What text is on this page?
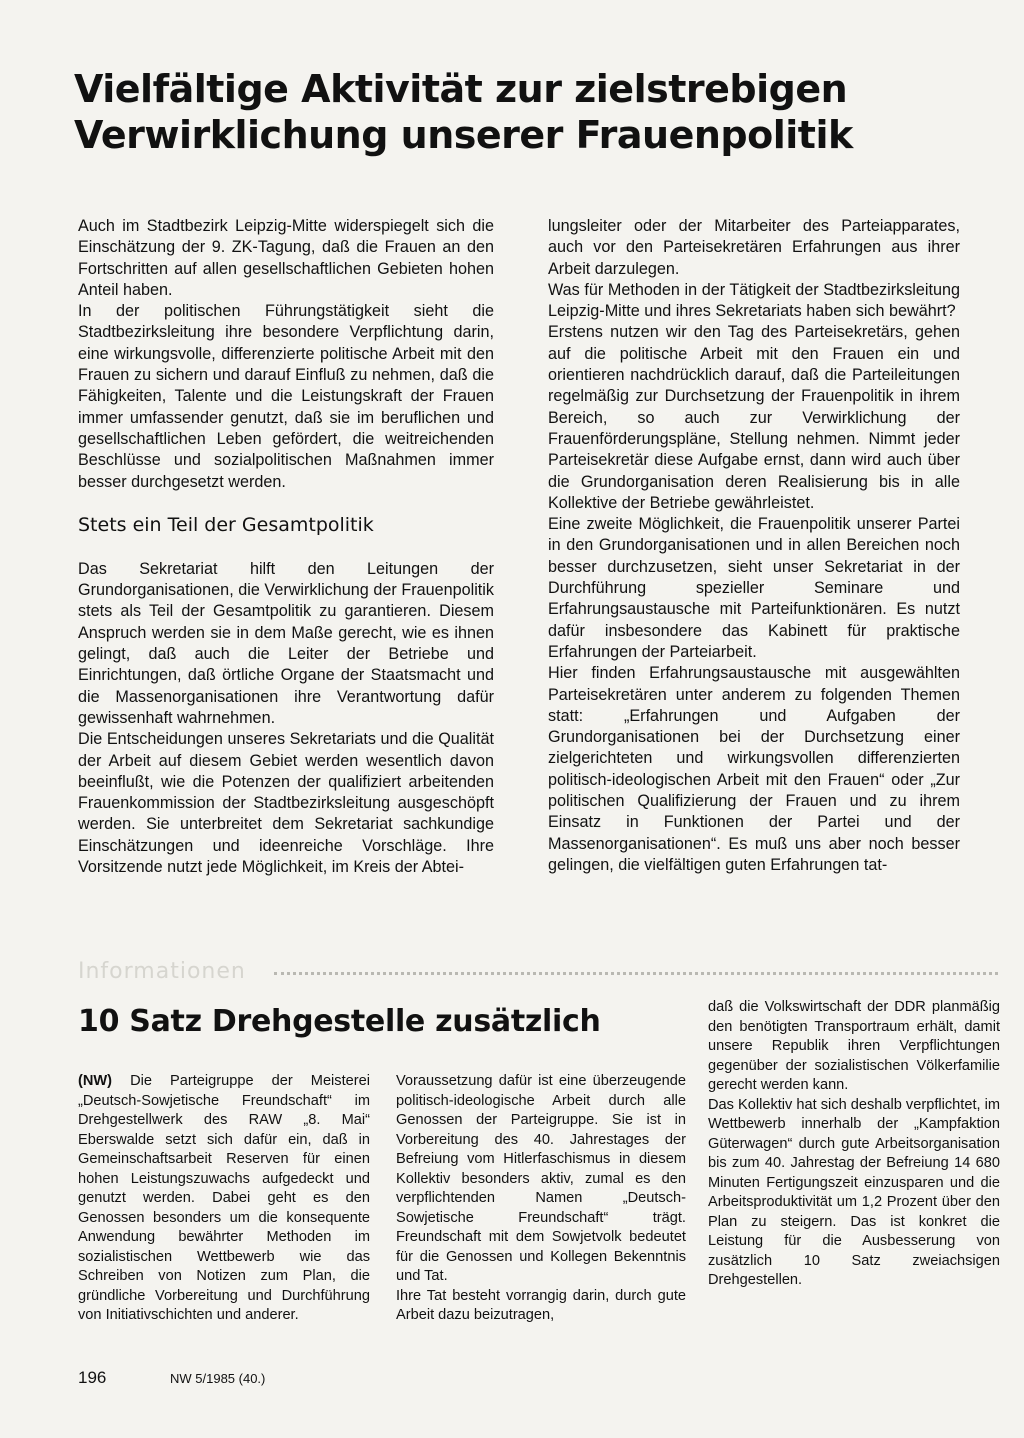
Vielfältige Aktivität zur zielstrebigen
Verwirklichung unserer Frauenpolitik

Auch im Stadtbezirk Leipzig-Mitte widerspiegelt sich die Einschätzung der 9. ZK-Tagung, daß die Frauen an den Fortschritten auf allen gesellschaftlichen Gebieten hohen Anteil haben.

In der politischen Führungstätigkeit sieht die Stadtbezirksleitung ihre besondere Verpflichtung darin, eine wirkungsvolle, differenzierte politische Arbeit mit den Frauen zu sichern und darauf Einfluß zu nehmen, daß die Fähigkeiten, Talente und die Leistungskraft der Frauen immer umfassender genutzt, daß sie im beruflichen und gesellschaftlichen Leben gefördert, die weitreichenden Beschlüsse und sozialpolitischen Maßnahmen immer besser durchgesetzt werden.

Stets ein Teil der Gesamtpolitik

Das Sekretariat hilft den Leitungen der Grundorganisationen, die Verwirklichung der Frauenpolitik stets als Teil der Gesamtpolitik zu garantieren. Diesem Anspruch werden sie in dem Maße gerecht, wie es ihnen gelingt, daß auch die Leiter der Betriebe und Einrichtungen, daß örtliche Organe der Staatsmacht und die Massenorganisationen ihre Verantwortung dafür gewissenhaft wahrnehmen.

Die Entscheidungen unseres Sekretariats und die Qualität der Arbeit auf diesem Gebiet werden wesentlich davon beeinflußt, wie die Potenzen der qualifiziert arbeitenden Frauenkommission der Stadtbezirksleitung ausgeschöpft werden. Sie unterbreitet dem Sekretariat sachkundige Einschätzungen und ideenreiche Vorschläge. Ihre Vorsitzende nutzt jede Möglichkeit, im Kreis der Abtei-

lungsleiter oder der Mitarbeiter des Parteiapparates, auch vor den Parteisekretären Erfahrungen aus ihrer Arbeit darzulegen.

Was für Methoden in der Tätigkeit der Stadtbezirksleitung Leipzig-Mitte und ihres Sekretariats haben sich bewährt?

Erstens nutzen wir den Tag des Parteisekretärs, gehen auf die politische Arbeit mit den Frauen ein und orientieren nachdrücklich darauf, daß die Parteileitungen regelmäßig zur Durchsetzung der Frauenpolitik in ihrem Bereich, so auch zur Verwirklichung der Frauenförderungspläne, Stellung nehmen. Nimmt jeder Parteisekretär diese Aufgabe ernst, dann wird auch über die Grundorganisation deren Realisierung bis in alle Kollektive der Betriebe gewährleistet.

Eine zweite Möglichkeit, die Frauenpolitik unserer Partei in den Grundorganisationen und in allen Bereichen noch besser durchzusetzen, sieht unser Sekretariat in der Durchführung spezieller Seminare und Erfahrungsaustausche mit Parteifunktionären. Es nutzt dafür insbesondere das Kabinett für praktische Erfahrungen der Parteiarbeit.

Hier finden Erfahrungsaustausche mit ausgewählten Parteisekretären unter anderem zu folgenden Themen statt: „Erfahrungen und Aufgaben der Grundorganisationen bei der Durchsetzung einer zielgerichteten und wirkungsvollen differenzierten politisch-ideologischen Arbeit mit den Frauen“ oder „Zur politischen Qualifizierung der Frauen und zu ihrem Einsatz in Funktionen der Partei und der Massenorganisationen“. Es muß uns aber noch besser gelingen, die vielfältigen guten Erfahrungen tat-

Informationen
10 Satz Drehgestelle zusätzlich

(NW) Die Parteigruppe der Meisterei „Deutsch-Sowjetische Freundschaft“ im Drehgestellwerk des RAW „8. Mai“ Eberswalde setzt sich dafür ein, daß in Gemeinschaftsarbeit Reserven für einen hohen Leistungszuwachs aufgedeckt und genutzt werden. Dabei geht es den Genossen besonders um die konsequente Anwendung bewährter Methoden im sozialistischen Wettbewerb wie das Schreiben von Notizen zum Plan, die gründliche Vorbereitung und Durchführung von Initiativschichten und anderer.

Voraussetzung dafür ist eine überzeugende politisch-ideologische Arbeit durch alle Genossen der Parteigruppe. Sie ist in Vorbereitung des 40. Jahrestages der Befreiung vom Hitlerfaschismus in diesem Kollektiv besonders aktiv, zumal es den verpflichtenden Namen „Deutsch-Sowjetische Freundschaft“ trägt. Freundschaft mit dem Sowjetvolk bedeutet für die Genossen und Kollegen Bekenntnis und Tat.

Ihre Tat besteht vorrangig darin, durch gute Arbeit dazu beizutragen,

daß die Volkswirtschaft der DDR planmäßig den benötigten Transportraum erhält, damit unsere Republik ihren Verpflichtungen gegenüber der sozialistischen Völkerfamilie gerecht werden kann.

Das Kollektiv hat sich deshalb verpflichtet, im Wettbewerb innerhalb der „Kampfaktion Güterwagen“ durch gute Arbeitsorganisation bis zum 40. Jahrestag der Befreiung 14 680 Minuten Fertigungszeit einzusparen und die Arbeitsproduktivität um 1,2 Prozent über den Plan zu steigern. Das ist konkret die Leistung für die Ausbesserung von zusätzlich 10 Satz zweiachsigen Drehgestellen.

196	NW 5/1985 (40.)
